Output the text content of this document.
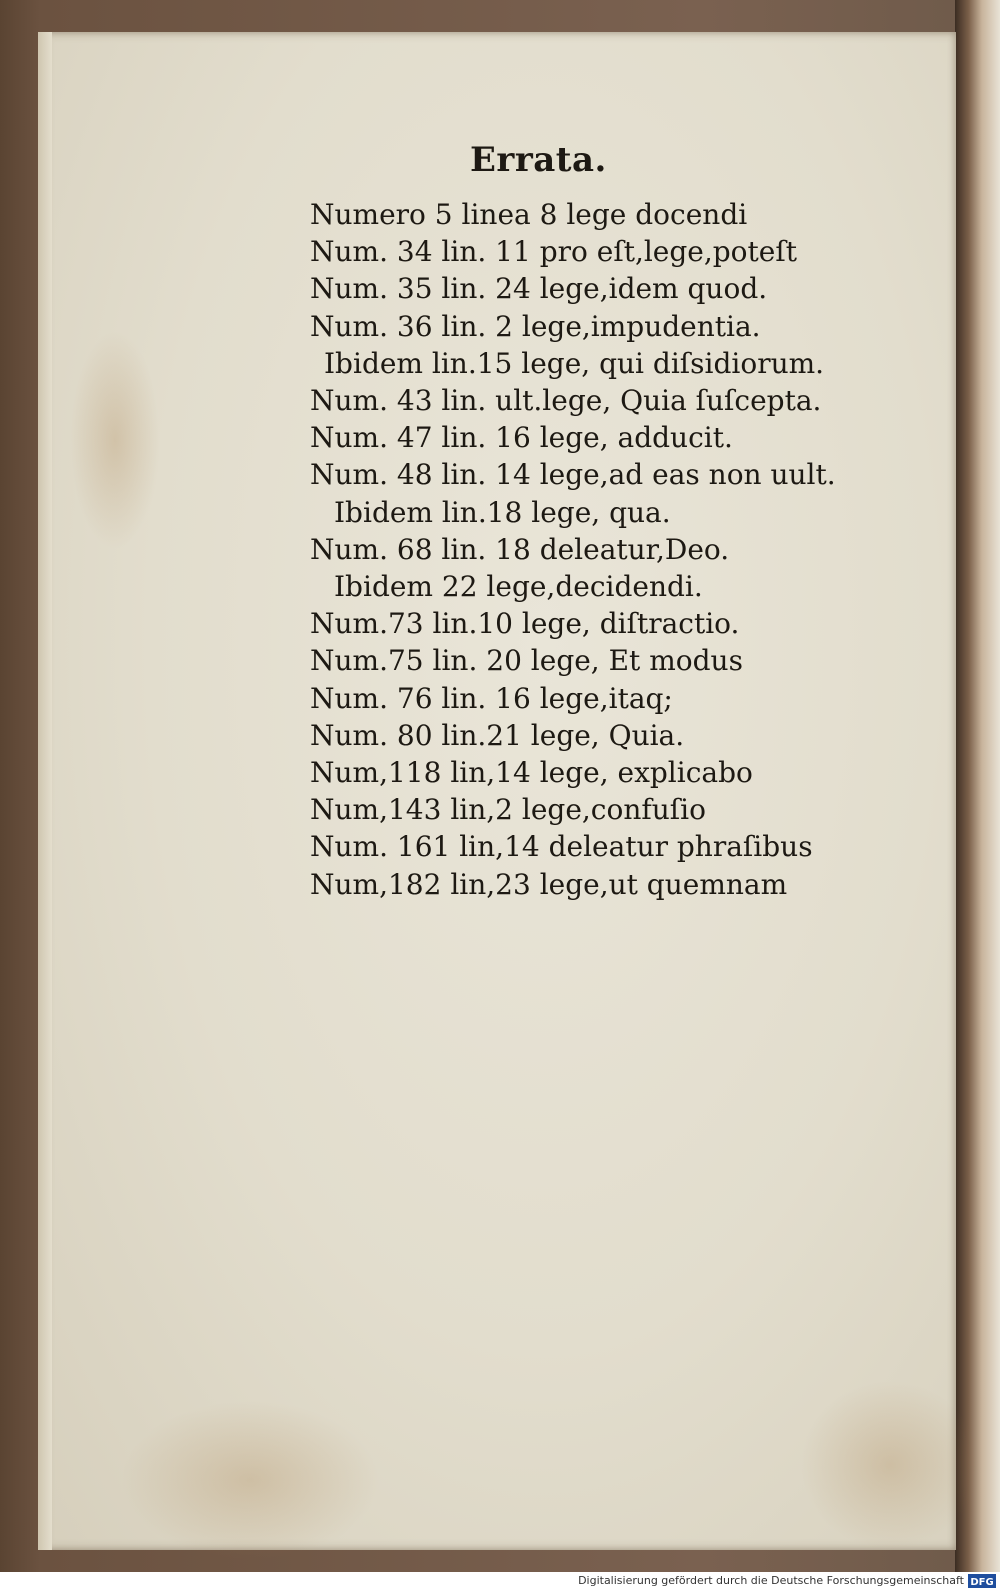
Errata.
Numero 5 linea 8 lege docendi
Num. 34 lin. 11 pro eſt,lege,poteſt
Num. 35 lin. 24 lege,idem quod.
Num. 36 lin. 2 lege,impudentia.
Ibidem lin.15 lege, qui diſsidiorum.
Num. 43 lin. ult.lege, Quia ſuſcepta.
Num. 47 lin. 16 lege, adducit.
Num. 48 lin. 14 lege,ad eas non uult.
Ibidem lin.18 lege, qua.
Num. 68 lin. 18 deleatur,Deo.
Ibidem 22 lege,decidendi.
Num.73 lin.10 lege, diſtractio.
Num.75 lin. 20 lege, Et modus
Num. 76 lin. 16 lege,itaq;
Num. 80 lin.21 lege, Quia.
Num,118 lin,14 lege, explicabo
Num,143 lin,2 lege,confuſio
Num. 161 lin,14 deleatur phraſibus
Num,182 lin,23 lege,ut quemnam
Digitalisierung gefördert durch die Deutsche Forschungsgemeinschaft DFG
